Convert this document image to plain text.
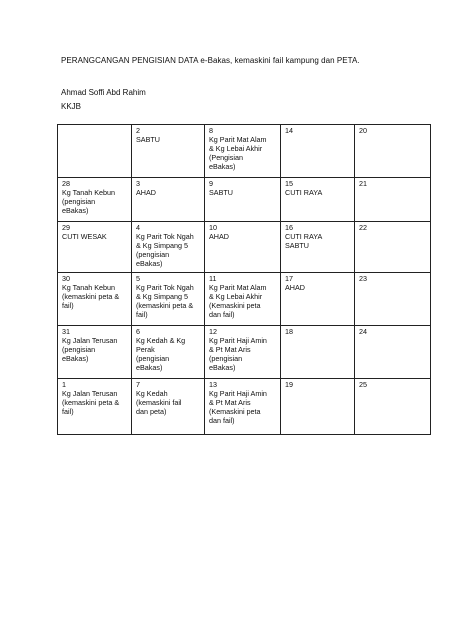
PERANGCANGAN PENGISIAN DATA e-Bakas, kemaskini fail kampung dan PETA.
Ahmad Soffi Abd Rahim
KKJB

	2
SABTU	8
Kg Parit Mat Alam
& Kg Lebai Akhir
(Pengisian
eBakas)	14	20

28
Kg Tanah Kebun
(pengisian
eBakas)	3
AHAD	9
SABTU	15
CUTI RAYA	21

29
CUTI WESAK	4
Kg Parit Tok Ngah
& Kg Simpang 5
(pengisian
eBakas)	10
AHAD	16
CUTI RAYA
SABTU	22

30
Kg Tanah Kebun
(kemaskini peta &
fail)	5
Kg Parit Tok Ngah
& Kg Simpang 5
(kemaskini peta &
fail)	11
Kg Parit Mat Alam
& Kg Lebai Akhir
(Kemaskini peta
dan fail)	17
AHAD	23

31
Kg Jalan Terusan
(pengisian
eBakas)	6
Kg Kedah & Kg
Perak
(pengisian
eBakas)	12
Kg Parit Haji Amin
& Pt Mat Aris
(pengisian
eBakas)	18	24

1
Kg Jalan Terusan
(kemaskini peta &
fail)	7
Kg Kedah
(kemaskini fail
dan peta)	13
Kg Parit Haji Amin
& Pt Mat Aris
(Kemaskini peta
dan fail)	19	25
